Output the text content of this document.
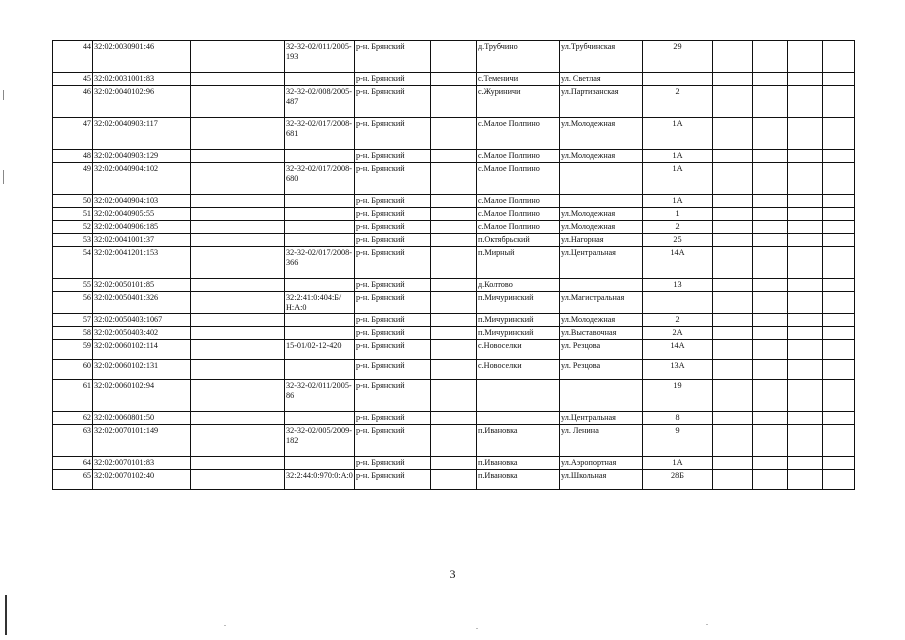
44	32:02:0030901:46		32-32-02/011/2005-193	р-н. Брянский		д.Трубчино	ул.Трубчинская	29				
45	32:02:0031001:83			р-н. Брянский		с.Теменичи	ул. Светлая					
46	32:02:0040102:96		32-32-02/008/2005-487	р-н. Брянский		с.Журиничи	ул.Партизанская	2				
47	32:02:0040903:117		32-32-02/017/2008-681	р-н. Брянский		с.Малое Полпино	ул.Молодежная	1А				
48	32:02:0040903:129			р-н. Брянский		с.Малое Полпино	ул.Молодежная	1А				
49	32:02:0040904:102		32-32-02/017/2008-680	р-н. Брянский		с.Малое Полпино		1А				
50	32:02:0040904:103			р-н. Брянский		с.Малое Полпино		1А				
51	32:02:0040905:55			р-н. Брянский		с.Малое Полпино	ул.Молодежная	1				
52	32:02:0040906:185			р-н. Брянский		с.Малое Полпино	ул.Молодежная	2				
53	32:02:0041001:37			р-н. Брянский		п.Октябрьский	ул.Нагорная	25				
54	32:02:0041201:153		32-32-02/017/2008-366	р-н. Брянский		п.Мирный	ул.Центральная	14А				
55	32:02:0050101:85			р-н. Брянский		д.Колтово		13				
56	32:02:0050401:326		32:2:41:0:404:Б/Н:А:0	р-н. Брянский		п.Мичуринский	ул.Магистральная					
57	32:02:0050403:1067			р-н. Брянский		п.Мичуринский	ул.Молодежная	2				
58	32:02:0050403:402			р-н. Брянский		п.Мичуринский	ул.Выставочная	2А				
59	32:02:0060102:114		15-01/02-12-420	р-н. Брянский		с.Новоселки	ул. Резцова	14А				
60	32:02:0060102:131			р-н. Брянский		с.Новоселки	ул. Резцова	13А				
61	32:02:0060102:94		32-32-02/011/2005-86	р-н. Брянский				19				
62	32:02:0060801:50			р-н. Брянский			ул.Центральная	8				
63	32:02:0070101:149		32-32-02/005/2009-182	р-н. Брянский		п.Ивановка	ул. Ленина	9				
64	32:02:0070101:83			р-н. Брянский		п.Ивановка	ул.Аэропортная	1А				
65	32:02:0070102:40		32:2:44:0:970:0:А:0	р-н. Брянский		п.Ивановка	ул.Школьная	28Б				
3
